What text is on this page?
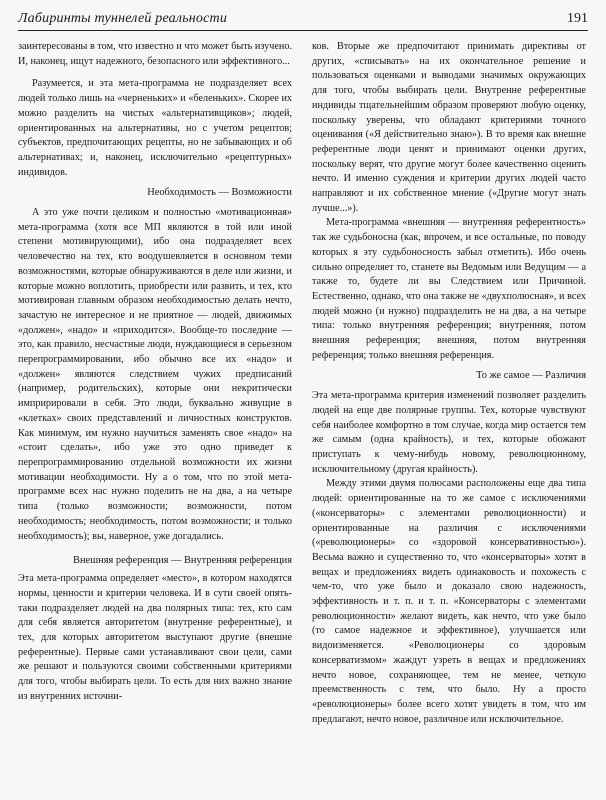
Лабиринты туннелей реальности	191

заинтересованы в том, что известно и что может быть изучено. И, наконец, ищут надежного, безопасного или эффективного...

Разумеется, и эта мета-программа не подразделяет всех людей только лишь на «черненьких» и «беленьких». Скорее их можно разделить на чистых «альтернативщиков»; людей, ориентированных на альтернативы, но с учетом рецептов; субъектов, предпочитающих рецепты, но не забывающих и об альтернативах; и, наконец, исключительно «рецептурных» индивидов.

Необходимость — Возможности

А это уже почти целиком и полностью «мотивационная» мета-программа (хотя все МП являются в той или иной степени мотивирующими), ибо она подразделяет всех человечество на тех, кто воодушевляется в основном теми возможностями, которые обнаруживаются в деле или жизни, и которые можно воплотить, приобрести или развить, и тех, кто мотивирован главным образом необходимостью делать нечто, зачастую не интересное и не приятное — людей, движимых «должен», «надо» и «приходится». Вообще-то последние — это, как правило, несчастные люди, нуждающиеся в серьезном перепрограммировании, ибо обычно все их «надо» и «должен» являются следствием чужих предписаний (например, родительских), которые они некритически импририровали в себя. Это люди, буквально живущие в «клетках» своих представлений и личностных конструктов. Как минимум, им нужно научиться заменять свое «надо» на «стоит сделать», ибо уже это одно приведет к перепрограммированию отдельной возможности их жизни мотивации необходимости. Ну а о том, что по этой мета-программе всех нас нужно поделить не на два, а на четыре типа (только возможности; возможности, потом необходимость; необходимость, потом возможности; и только необходимость); вы, наверное, уже догадались.

Внешняя референция — Внутренняя референция

Эта мета-программа определяет «место», в котором находятся нормы, ценности и критерии человека. И в сути своей опять-таки подразделяет людей на два полярных типа: тех, кто сам для себя является авторитетом (внутренне референтные), и тех, для которых авторитетом выступают другие (внешне референтные). Первые сами устанавливают свои цели, сами же решают и пользуются своими собственными критериями для того, чтобы выбирать цели. То есть для них важно знание из внутренних источни-

ков. Вторые же предпочитают принимать директивы от других, «списывать» на их окончательное решение и пользоваться оценками и выводами значимых окружающих для того, чтобы выбирать цели. Внутренне референтные индивиды тщательнейшим образом проверяют любую оценку, поскольку уверены, что обладают критериями точного оценивания («Я действительно знаю»). В то время как внешне референтные люди ценят и принимают оценки других, поскольку верят, что другие могут более качественно оценить нечто. И именно суждения и критерии других людей часто направляют и их собственное мнение («Другие могут знать лучше...»).

Мета-программа «внешняя — внутренняя референтность» так же судьбоносна (как, впрочем, и все остальные, по поводу которых я эту судьбоносность забыл отметить). Ибо очень сильно определяет то, станете вы Ведомым или Ведущим — а также то, будете ли вы Следствием или Причиной. Естественно, однако, что она также не «двухполюсная», и всех людей можно (и нужно) подразделить не на два, а на четыре типа: только внутренняя референция; внутренняя, потом внешняя референция; внешняя, потом внутренняя референция; только внешняя референция.

То же самое — Различия

Эта мета-программа критерия изменений позволяет разделить людей на еще две полярные группы. Тех, которые чувствуют себя наиболее комфортно в том случае, когда мир остается тем же самым (одна крайность), и тех, которые обожают приступать к чему-нибудь новому, революционному, исключительному (другая крайность).

Между этими двумя полюсами расположены еще два типа людей: ориентированные на то же самое с исключениями («консерваторы» с элементами революционности) и ориентированные на различия с исключениями («революционеры» со «здоровой консервативностью»). Весьма важно и существенно то, что «консерваторы» хотят в вещах и предложениях видеть одинаковость и похожесть с чем-то, что уже было и доказало свою надежность, эффективность и т. п. и т. п. «Консерваторы с элементами революционности» желают видеть, как нечто, что уже было (то самое надежное и эффективное), улучшается или видоизменяется. «Революционеры со здоровым консерватизмом» жаждут узреть в вещах и предложениях нечто новое, сохраняющее, тем не менее, четкую преемственность с тем, что было. Ну а просто «революционеры» более всего хотят увидеть в том, что им предлагают, нечто новое, различное или исключительное.
